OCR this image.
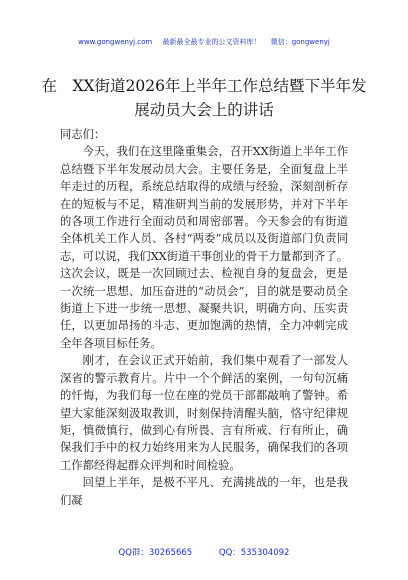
www.gongwenyj.com 最新最全最专业的公文资料库！ 微信：gongwenyj
在　XX街道2026年上半年工作总结暨下半年发展动员大会上的讲话

同志们：

今天，我们在这里隆重集会，召开XX街道上半年工作总结暨下半年发展动员大会。主要任务是，全面复盘上半年走过的历程，系统总结取得的成绩与经验，深刻剖析存在的短板与不足，精准研判当前的发展形势，并对下半年的各项工作进行全面动员和周密部署。今天参会的有街道全体机关工作人员、各村“两委”成员以及街道部门负责同志，可以说，我们XX街道干事创业的骨干力量都到齐了。这次会议，既是一次回顾过去、检视自身的复盘会，更是一次统一思想、加压奋进的“动员会”，目的就是要动员全街道上下进一步统一思想、凝聚共识，明确方向、压实责任，以更加昂扬的斗志、更加饱满的热情，全力冲刺完成全年各项目标任务。

刚才，在会议正式开始前，我们集中观看了一部发人深省的警示教育片。片中一个个鲜活的案例，一句句沉痛的忏悔，为我们每一位在座的党员干部都敲响了警钟。希望大家能深刻汲取教训，时刻保持清醒头脑，恪守纪律规矩，慎微慎行，做到心有所畏、言有所戒、行有所止，确保我们手中的权力始终用来为人民服务，确保我们的各项工作都经得起群众评判和时间检验。

回望上半年，是极不平凡、充满挑战的一年，也是我们凝

QQ群：30265665	QQ：535304092
